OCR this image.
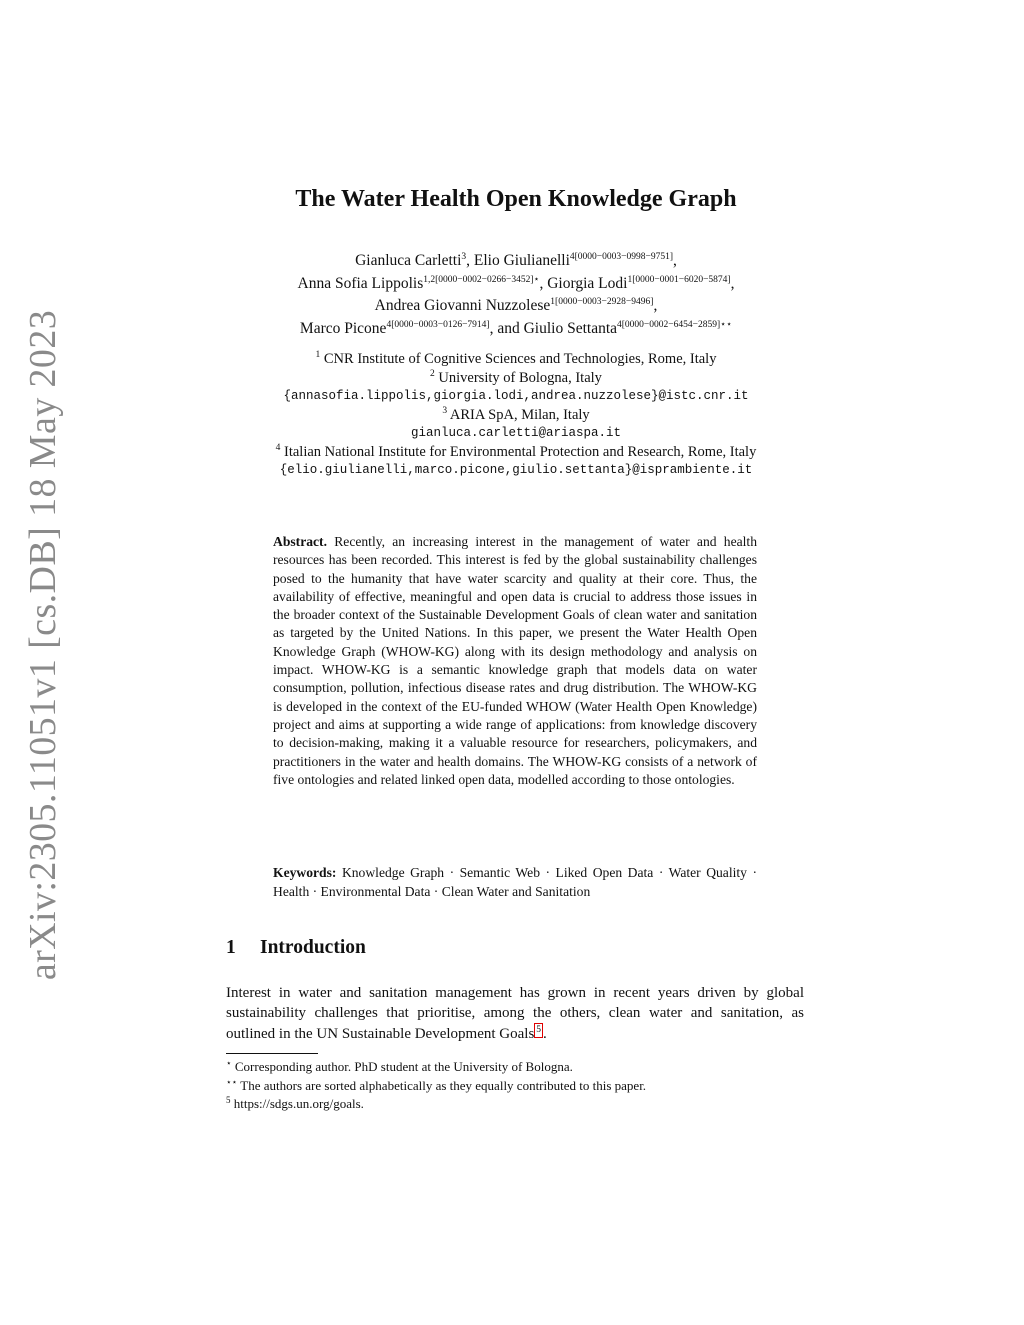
arXiv:2305.11051v1 [cs.DB] 18 May 2023
The Water Health Open Knowledge Graph
Gianluca Carletti$^3$, Elio Giulianelli$^{4[0000-0003-0998-9751]}$,
Anna Sofia Lippolis$^{1,2[0000-0002-0266-3452]⋆}$, Giorgia Lodi$^{1[0000-0001-6020-5874]}$,
Andrea Giovanni Nuzzolese$^{1[0000-0003-2928-9496]}$,
Marco Picone$^{4[0000-0003-0126-7914]}$, and Giulio Settanta$^{4[0000-0002-6454-2859]⋆⋆}$
$^1$ CNR Institute of Cognitive Sciences and Technologies, Rome, Italy
$^2$ University of Bologna, Italy
{annasofia.lippolis,giorgia.lodi,andrea.nuzzolese}@istc.cnr.it
$^3$ ARIA SpA, Milan, Italy
gianluca.carletti@ariaspa.it
$^4$ Italian National Institute for Environmental Protection and Research, Rome, Italy
{elio.giulianelli,marco.picone,giulio.settanta}@isprambiente.it
Abstract. Recently, an increasing interest in the management of water and health resources has been recorded. This interest is fed by the global sustainability challenges posed to the humanity that have water scarcity and quality at their core. Thus, the availability of effective, meaningful and open data is crucial to address those issues in the broader context of the Sustainable Development Goals of clean water and sanitation as targeted by the United Nations. In this paper, we present the Water Health Open Knowledge Graph (WHOW-KG) along with its design methodology and analysis on impact. WHOW-KG is a semantic knowledge graph that models data on water consumption, pollution, infectious disease rates and drug distribution. The WHOW-KG is developed in the context of the EU-funded WHOW (Water Health Open Knowledge) project and aims at supporting a wide range of applications: from knowledge discovery to decision-making, making it a valuable resource for researchers, policymakers, and practitioners in the water and health domains. The WHOW-KG consists of a network of five ontologies and related linked open data, modelled according to those ontologies.
Keywords: Knowledge Graph · Semantic Web · Liked Open Data · Water Quality · Health · Environmental Data · Clean Water and Sanitation
1 Introduction
Interest in water and sanitation management has grown in recent years driven by global sustainability challenges that prioritise, among the others, clean water and sanitation, as outlined in the UN Sustainable Development Goals 5 .
⋆ Corresponding author. PhD student at the University of Bologna.
⋆⋆ The authors are sorted alphabetically as they equally contributed to this paper.
$^5$ https://sdgs.un.org/goals.
